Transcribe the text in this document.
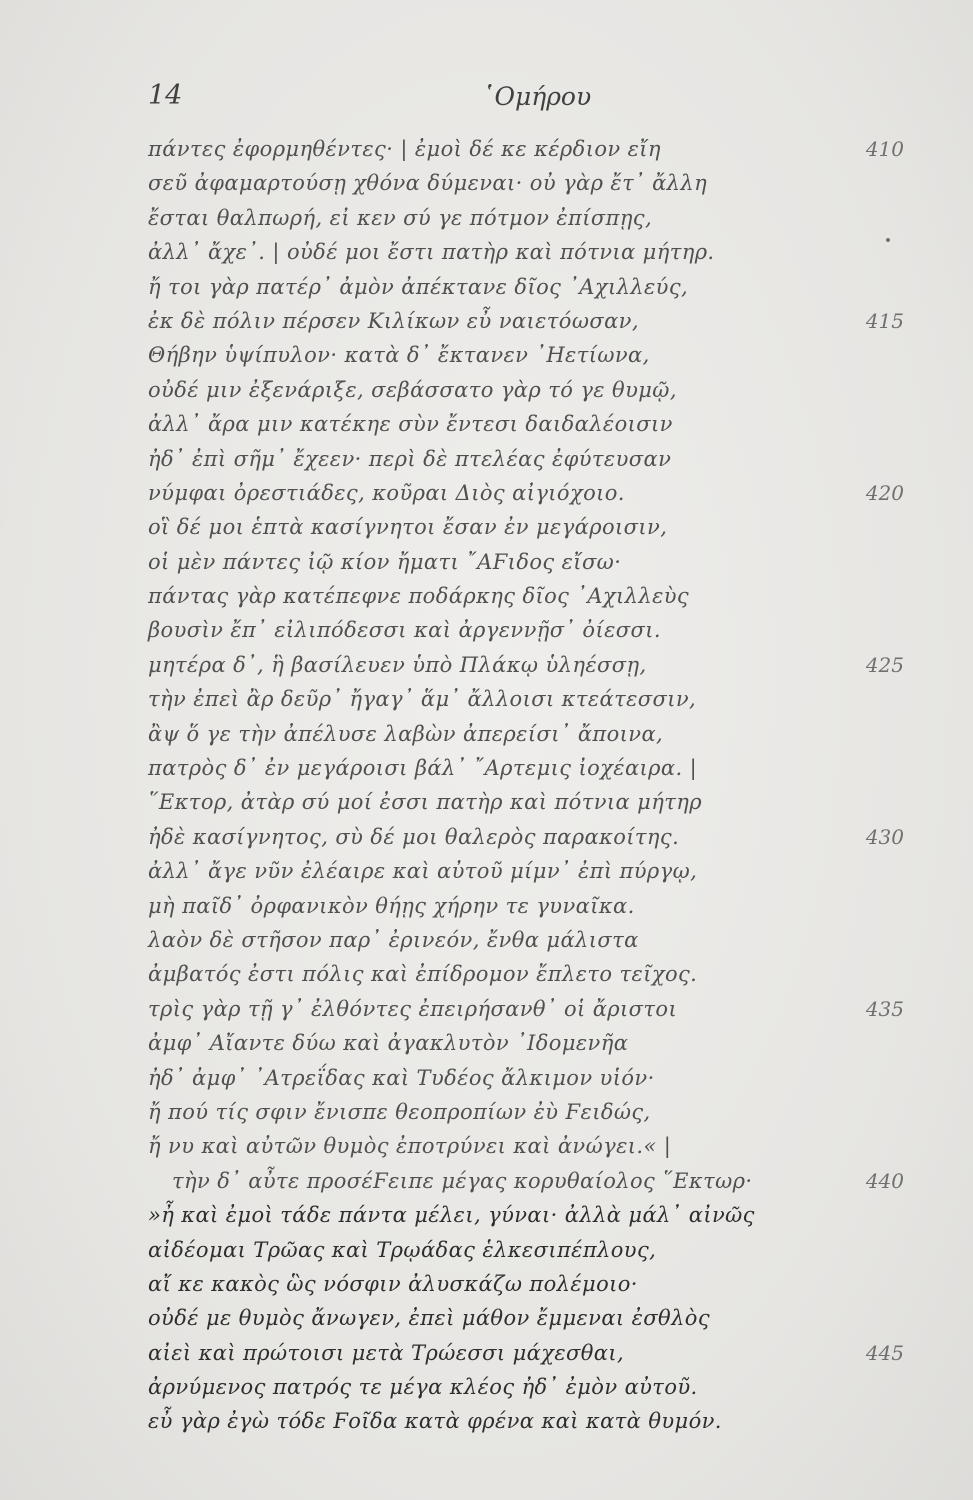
14	῾Ομήρου
πάντες ἐφορμηθέντες· | ἐμοὶ δέ κε κέρδιον εἴη	410
σεῦ ἀφαμαρτούσῃ χθόνα δύμεναι· οὐ γὰρ ἔτ᾽ ἄλλη
ἔσται θαλπωρή, εἰ κεν σύ γε πότμον ἐπίσπῃς,
ἀλλ᾽ ἄχε᾽. | οὐδέ μοι ἔστι πατὴρ καὶ πότνια μήτηρ.
ἤ τοι γὰρ πατέρ᾽ ἀμὸν ἀπέκτανε δῖος ᾽Αχιλλεύς,
ἐκ δὲ πόλιν πέρσεν Κιλίκων εὖ ναιετόωσαν,	415
Θήβην ὑψίπυλον· κατὰ δ᾽ ἔκτανεν ᾽Ηετίωνα,
οὐδέ μιν ἐξενάριξε, σεβάσσατο γὰρ τό γε θυμῷ,
ἀλλ᾽ ἄρα μιν κατέκηε σὺν ἔντεσι δαιδαλέοισιν
ἠδ᾽ ἐπὶ σῆμ᾽ ἔχεεν· περὶ δὲ πτελέας ἐφύτευσαν
νύμφαι ὀρεστιάδες, κοῦραι Διὸς αἰγιόχοιο.	420
οἳ δέ μοι ἑπτὰ κασίγνητοι ἔσαν ἐν μεγάροισιν,
οἱ μὲν πάντες ἰῷ κίον ἤματι ῎ΑϜιδος εἴσω·
πάντας γὰρ κατέπεφνε ποδάρκης δῖος ᾽Αχιλλεὺς
βουσὶν ἔπ᾽ εἰλιπόδεσσι καὶ ἀργεννῇσ᾽ ὀίεσσι.
μητέρα δ᾽, ἣ βασίλευεν ὑπὸ Πλάκῳ ὑληέσσῃ,	425
τὴν ἐπεὶ ἂρ δεῦρ᾽ ἤγαγ᾽ ἅμ᾽ ἄλλοισι κτεάτεσσιν,
ἂψ ὅ γε τὴν ἀπέλυσε λαβὼν ἀπερείσι᾽ ἄποινα,
πατρὸς δ᾽ ἐν μεγάροισι βάλ᾽ ῎Αρτεμις ἰοχέαιρα. |
῞Εκτορ, ἀτὰρ σύ μοί ἐσσι πατὴρ καὶ πότνια μήτηρ
ἠδὲ κασίγνητος, σὺ δέ μοι θαλερὸς παρακοίτης.	430
ἀλλ᾽ ἄγε νῦν ἐλέαιρε καὶ αὐτοῦ μίμν᾽ ἐπὶ πύργῳ,
μὴ παῖδ᾽ ὀρφανικὸν θήῃς χήρην τε γυναῖκα.
λαὸν δὲ στῆσον παρ᾽ ἐρινεόν, ἔνθα μάλιστα
ἀμβατός ἐστι πόλις καὶ ἐπίδρομον ἔπλετο τεῖχος.
τρὶς γὰρ τῇ γ᾽ ἐλθόντες ἐπειρήσανθ᾽ οἱ ἄριστοι	435
ἀμφ᾽ Αἴαντε δύω καὶ ἀγακλυτὸν ᾽Ιδομενῆα
ἠδ᾽ ἀμφ᾽ ᾽Ατρεΐδας καὶ Τυδέος ἄλκιμον υἱόν·
ἤ πού τίς σφιν ἔνισπε θεοπροπίων ἐὺ Ϝειδώς,
ἤ νυ καὶ αὐτῶν θυμὸς ἐποτρύνει καὶ ἀνώγει.« |
τὴν δ᾽ αὖτε προσέϜειπε μέγας κορυθαίολος ῞Εκτωρ·	440
»ἦ καὶ ἐμοὶ τάδε πάντα μέλει, γύναι· ἀλλὰ μάλ᾽ αἰνῶς
αἰδέομαι Τρῶας καὶ Τρῳάδας ἑλκεσιπέπλους,
αἴ κε κακὸς ὣς νόσφιν ἀλυσκάζω πολέμοιο·
οὐδέ με θυμὸς ἄνωγεν, ἐπεὶ μάθον ἔμμεναι ἐσθλὸς
αἰεὶ καὶ πρώτοισι μετὰ Τρώεσσι μάχεσθαι,	445
ἀρνύμενος πατρός τε μέγα κλέος ἠδ᾽ ἐμὸν αὐτοῦ.
εὖ γὰρ ἐγὼ τόδε Ϝοῖδα κατὰ φρένα καὶ κατὰ θυμόν.
